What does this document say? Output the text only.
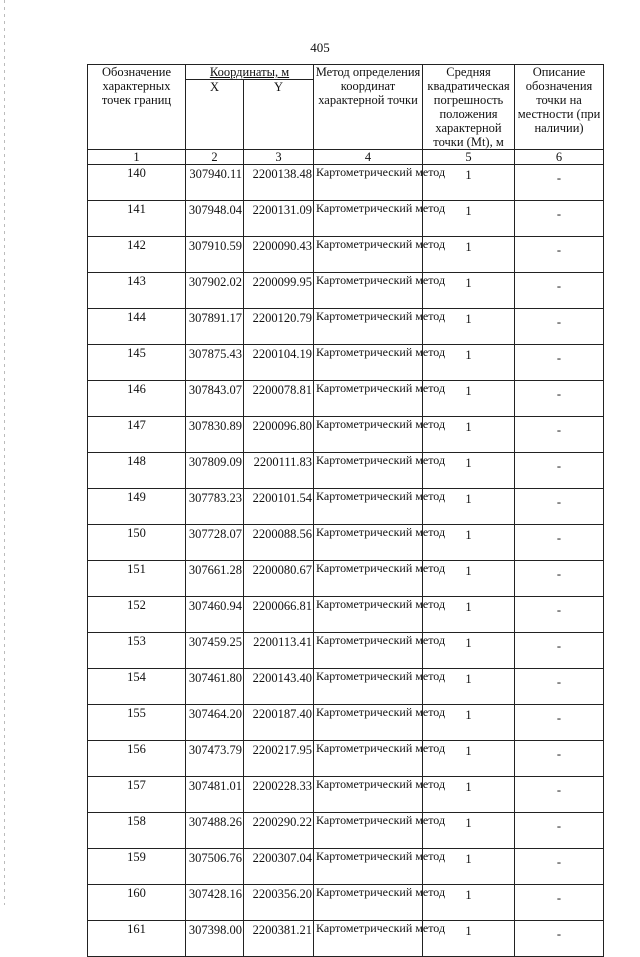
405
Обозначение характерных точек границ	Координаты, м		Метод определения координат характерной точки	Средняя квадратическая погрешность положения характерной точки (Mt), м	Описание обозначения точки на местности (при наличии)
	X	Y			
1	2	3	4	5	6
140	307940.11	2200138.48	Картометрический метод	1	-
141	307948.04	2200131.09	Картометрический метод	1	-
142	307910.59	2200090.43	Картометрический метод	1	-
143	307902.02	2200099.95	Картометрический метод	1	-
144	307891.17	2200120.79	Картометрический метод	1	-
145	307875.43	2200104.19	Картометрический метод	1	-
146	307843.07	2200078.81	Картометрический метод	1	-
147	307830.89	2200096.80	Картометрический метод	1	-
148	307809.09	2200111.83	Картометрический метод	1	-
149	307783.23	2200101.54	Картометрический метод	1	-
150	307728.07	2200088.56	Картометрический метод	1	-
151	307661.28	2200080.67	Картометрический метод	1	-
152	307460.94	2200066.81	Картометрический метод	1	-
153	307459.25	2200113.41	Картометрический метод	1	-
154	307461.80	2200143.40	Картометрический метод	1	-
155	307464.20	2200187.40	Картометрический метод	1	-
156	307473.79	2200217.95	Картометрический метод	1	-
157	307481.01	2200228.33	Картометрический метод	1	-
158	307488.26	2200290.22	Картометрический метод	1	-
159	307506.76	2200307.04	Картометрический метод	1	-
160	307428.16	2200356.20	Картометрический метод	1	-
161	307398.00	2200381.21	Картометрический метод	1	-
